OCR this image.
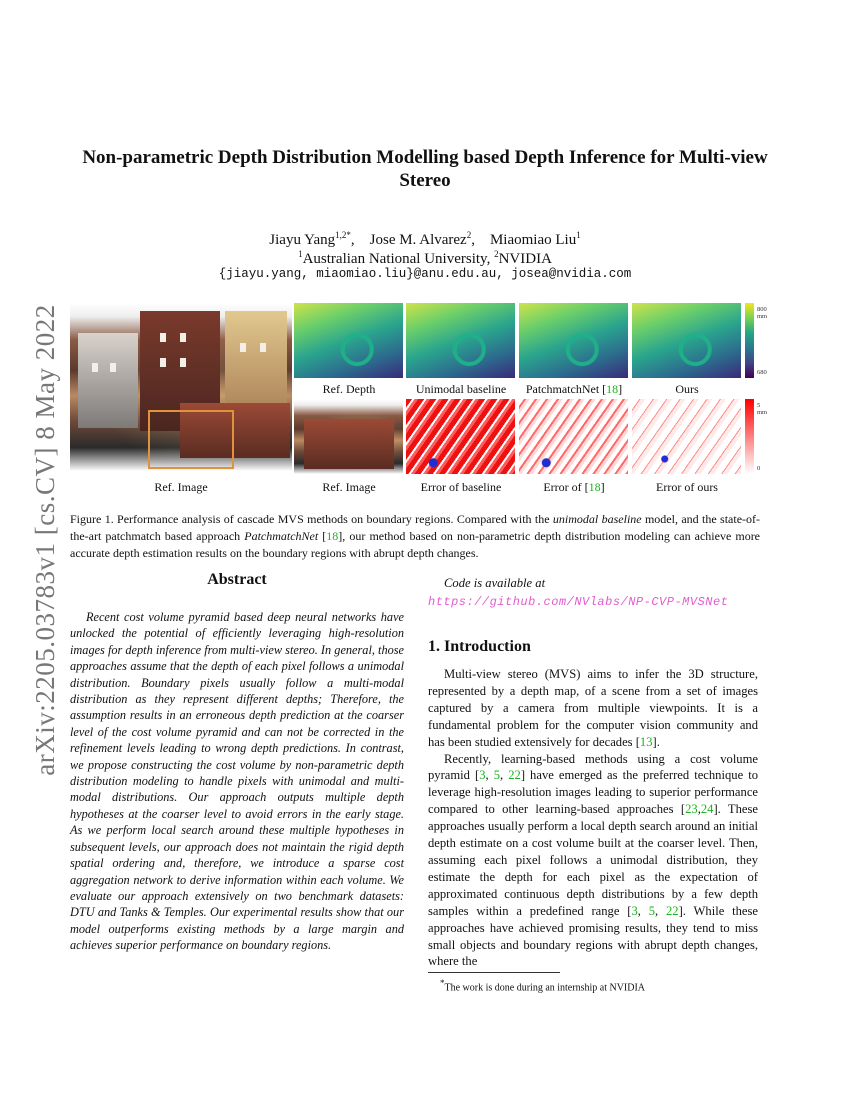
arXiv:2205.03783v1 [cs.CV] 8 May 2022
Non-parametric Depth Distribution Modelling based Depth Inference for Multi-view Stereo
Jiayu Yang$^{1,2*}$,    Jose M. Alvarez$^2$,    Miaomiao Liu$^1$
$^1$Australian National University, $^2$NVIDIA
{jiayu.yang, miaomiao.liu}@anu.edu.au, josea@nvidia.com
Ref. Image
800
mm
680
Ref. Depth	Unimodal baseline	PatchmatchNet [18]	Ours
5
mm
0
Ref. Image	Error of baseline	Error of [18]	Error of ours
Figure 1. Performance analysis of cascade MVS methods on boundary regions. Compared with the unimodal baseline model, and the state-of-the-art patchmatch based approach PatchmatchNet [18], our method based on non-parametric depth distribution modeling can achieve more accurate depth estimation results on the boundary regions with abrupt depth changes.
Abstract
Recent cost volume pyramid based deep neural networks have unlocked the potential of efficiently leveraging high-resolution images for depth inference from multi-view stereo. In general, those approaches assume that the depth of each pixel follows a unimodal distribution. Boundary pixels usually follow a multi-modal distribution as they represent different depths; Therefore, the assumption results in an erroneous depth prediction at the coarser level of the cost volume pyramid and can not be corrected in the refinement levels leading to wrong depth predictions. In contrast, we propose constructing the cost volume by non-parametric depth distribution modeling to handle pixels with unimodal and multi-modal distributions. Our approach outputs multiple depth hypotheses at the coarser level to avoid errors in the early stage. As we perform local search around these multiple hypotheses in subsequent levels, our approach does not maintain the rigid depth spatial ordering and, therefore, we introduce a sparse cost aggregation network to derive information within each volume. We evaluate our approach extensively on two benchmark datasets: DTU and Tanks & Temples. Our experimental results show that our model outperforms existing methods by a large margin and achieves superior performance on boundary regions.
Code is available at https://github.com/NVlabs/NP-CVP-MVSNet
1. Introduction

Multi-view stereo (MVS) aims to infer the 3D structure, represented by a depth map, of a scene from a set of images captured by a camera from multiple viewpoints. It is a fundamental problem for the computer vision community and has been studied extensively for decades [13].

Recently, learning-based methods using a cost volume pyramid [3, 5, 22] have emerged as the preferred technique to leverage high-resolution images leading to superior performance compared to other learning-based approaches [23,24]. These approaches usually perform a local depth search around an initial depth estimate on a cost volume built at the coarser level. Then, assuming each pixel follows a unimodal distribution, they estimate the depth for each pixel as the expectation of approximated continuous depth distributions by a few depth samples within a predefined range [3, 5, 22]. While these approaches have achieved promising results, they tend to miss small objects and boundary regions with abrupt depth changes, where the

*The work is done during an internship at NVIDIA
